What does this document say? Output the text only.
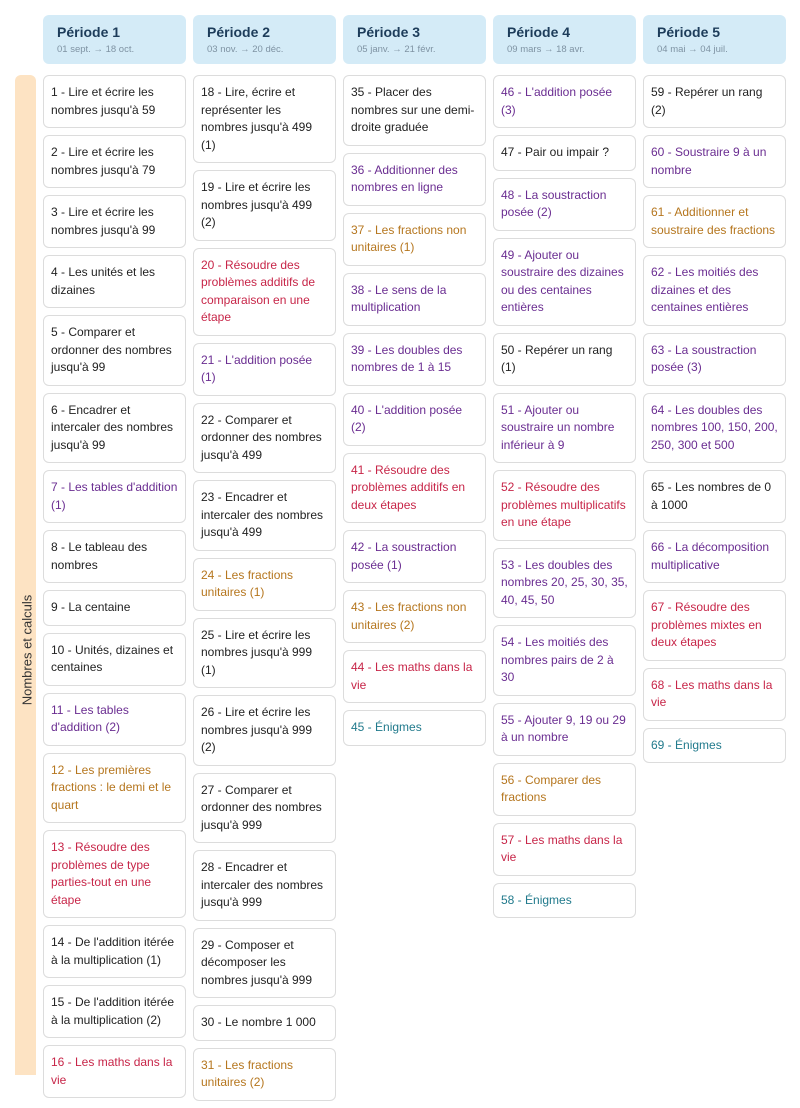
Nombres et calculs
Période 1
01 sept. → 18 oct.
1 - Lire et écrire les nombres jusqu'à 59
2 - Lire et écrire les nombres jusqu'à 79
3 - Lire et écrire les nombres jusqu'à 99
4 - Les unités et les dizaines
5 - Comparer et ordonner des nombres jusqu'à 99
6 - Encadrer et intercaler des nombres jusqu'à 99
7 - Les tables d'addition (1)
8 - Le tableau des nombres
9 - La centaine
10 - Unités, dizaines et centaines
11 - Les tables d'addition (2)
12 - Les premières fractions : le demi et le quart
13 - Résoudre des problèmes de type parties-tout en une étape
14 - De l'addition itérée à la multiplication (1)
15 - De l'addition itérée à la multiplication (2)
16 - Les maths dans la vie
Période 2
03 nov. → 20 déc.
18 - Lire, écrire et représenter les nombres jusqu'à 499 (1)
19 - Lire et écrire les nombres jusqu'à 499 (2)
20 - Résoudre des problèmes additifs de comparaison en une étape
21 - L'addition posée (1)
22 - Comparer et ordonner des nombres jusqu'à 499
23 - Encadrer et intercaler des nombres jusqu'à 499
24 - Les fractions unitaires (1)
25 - Lire et écrire les nombres jusqu'à 999 (1)
26 - Lire et écrire les nombres jusqu'à 999 (2)
27 - Comparer et ordonner des nombres jusqu'à 999
28 - Encadrer et intercaler des nombres jusqu'à 999
29 - Composer et décomposer les nombres jusqu'à 999
30 - Le nombre 1 000
31 - Les fractions unitaires (2)
Période 3
05 janv. → 21 févr.
35 - Placer des nombres sur une demi-droite graduée
36 - Additionner des nombres en ligne
37 - Les fractions non unitaires (1)
38 - Le sens de la multiplication
39 - Les doubles des nombres de 1 à 15
40 - L'addition posée (2)
41 - Résoudre des problèmes additifs en deux étapes
42 - La soustraction posée (1)
43 - Les fractions non unitaires (2)
44 - Les maths dans la vie
45 - Énigmes
Période 4
09 mars → 18 avr.
46 - L'addition posée (3)
47 - Pair ou impair ?
48 - La soustraction posée (2)
49 - Ajouter ou soustraire des dizaines ou des centaines entières
50 - Repérer un rang (1)
51 - Ajouter ou soustraire un nombre inférieur à 9
52 - Résoudre des problèmes multiplicatifs en une étape
53 - Les doubles des nombres 20, 25, 30, 35, 40, 45, 50
54 - Les moitiés des nombres pairs de 2 à 30
55 - Ajouter 9, 19 ou 29 à un nombre
56 - Comparer des fractions
57 - Les maths dans la vie
58 - Énigmes
Période 5
04 mai → 04 juil.
59 - Repérer un rang (2)
60 - Soustraire 9 à un nombre
61 - Additionner et soustraire des fractions
62 - Les moitiés des dizaines et des centaines entières
63 - La soustraction posée (3)
64 - Les doubles des nombres 100, 150, 200, 250, 300 et 500
65 - Les nombres de 0 à 1000
66 - La décomposition multiplicative
67 - Résoudre des problèmes mixtes en deux étapes
68 - Les maths dans la vie
69 - Énigmes
